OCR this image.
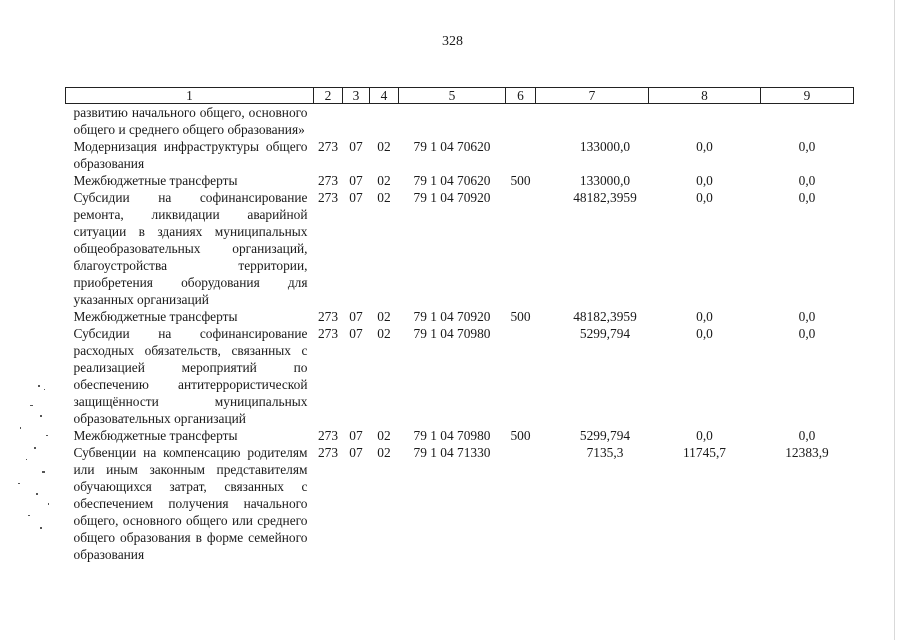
328
1	2	3	4	5	6	7	8	9
развитию начального общего, основного общего и среднего общего образования»								
Модернизация инфраструктуры общего образования	273	07	02	79 1 04 70620		133000,0	0,0	0,0
Межбюджетные трансферты	273	07	02	79 1 04 70620	500	133000,0	0,0	0,0
Субсидии на софинансирование ремонта, ликвидации аварийной ситуации в зданиях муниципальных общеобразовательных организаций, благоустройства территории, приобретения оборудования для указанных организаций	273	07	02	79 1 04 70920		48182,3959	0,0	0,0
Межбюджетные трансферты	273	07	02	79 1 04 70920	500	48182,3959	0,0	0,0
Субсидии на софинансирование расходных обязательств, связанных с реализацией мероприятий по обеспечению антитеррористической защищённости муниципальных образовательных организаций	273	07	02	79 1 04 70980		5299,794	0,0	0,0
Межбюджетные трансферты	273	07	02	79 1 04 70980	500	5299,794	0,0	0,0
Субвенции на компенсацию родителям или иным законным представителям обучающихся затрат, связанных с обеспечением получения начального общего, основного общего или среднего общего образования в форме семейного образования	273	07	02	79 1 04 71330		7135,3	11745,7	12383,9
